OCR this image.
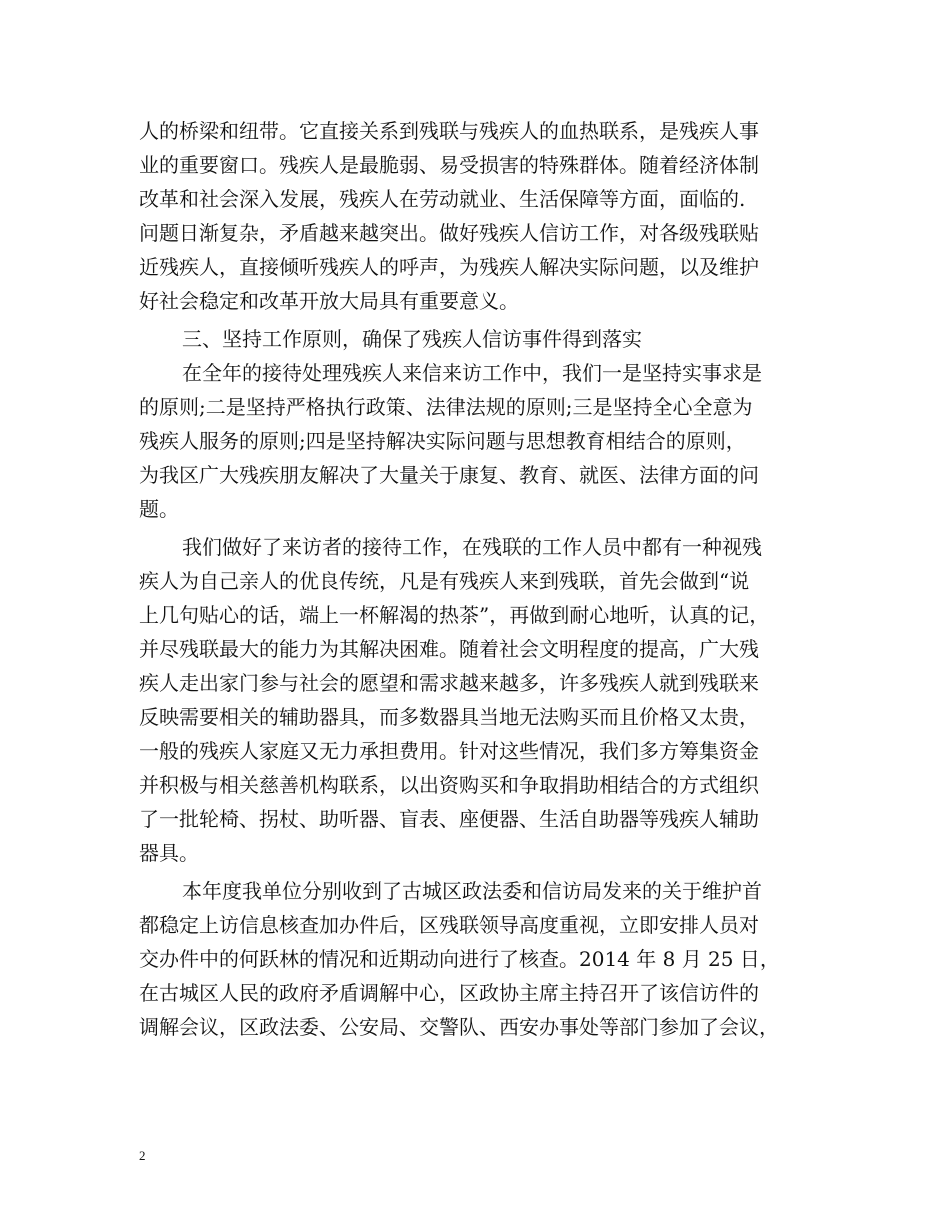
人的桥梁和纽带。它直接关系到残联与残疾人的血热联系，是残疾人事
业的重要窗口。残疾人是最脆弱、易受损害的特殊群体。随着经济体制
改革和社会深入发展，残疾人在劳动就业、生活保障等方面，面临的.
问题日渐复杂，矛盾越来越突出。做好残疾人信访工作，对各级残联贴
近残疾人，直接倾听残疾人的呼声，为残疾人解决实际问题，以及维护
好社会稳定和改革开放大局具有重要意义。
三、坚持工作原则，确保了残疾人信访事件得到落实
在全年的接待处理残疾人来信来访工作中，我们一是坚持实事求是
的原则;二是坚持严格执行政策、法律法规的原则;三是坚持全心全意为
残疾人服务的原则;四是坚持解决实际问题与思想教育相结合的原则，
为我区广大残疾朋友解决了大量关于康复、教育、就医、法律方面的问
题。
我们做好了来访者的接待工作，在残联的工作人员中都有一种视残
疾人为自己亲人的优良传统，凡是有残疾人来到残联，首先会做到“说
上几句贴心的话，端上一杯解渴的热茶”，再做到耐心地听，认真的记，
并尽残联最大的能力为其解决困难。随着社会文明程度的提高，广大残
疾人走出家门参与社会的愿望和需求越来越多，许多残疾人就到残联来
反映需要相关的辅助器具，而多数器具当地无法购买而且价格又太贵，
一般的残疾人家庭又无力承担费用。针对这些情况，我们多方筹集资金
并积极与相关慈善机构联系，以出资购买和争取捐助相结合的方式组织
了一批轮椅、拐杖、助听器、盲表、座便器、生活自助器等残疾人辅助
器具。
本年度我单位分别收到了古城区政法委和信访局发来的关于维护首
都稳定上访信息核查加办件后，区残联领导高度重视，立即安排人员对
交办件中的何跃林的情况和近期动向进行了核查。2014 年 8 月 25 日，
在古城区人民的政府矛盾调解中心，区政协主席主持召开了该信访件的
调解会议，区政法委、公安局、交警队、西安办事处等部门参加了会议，
2
